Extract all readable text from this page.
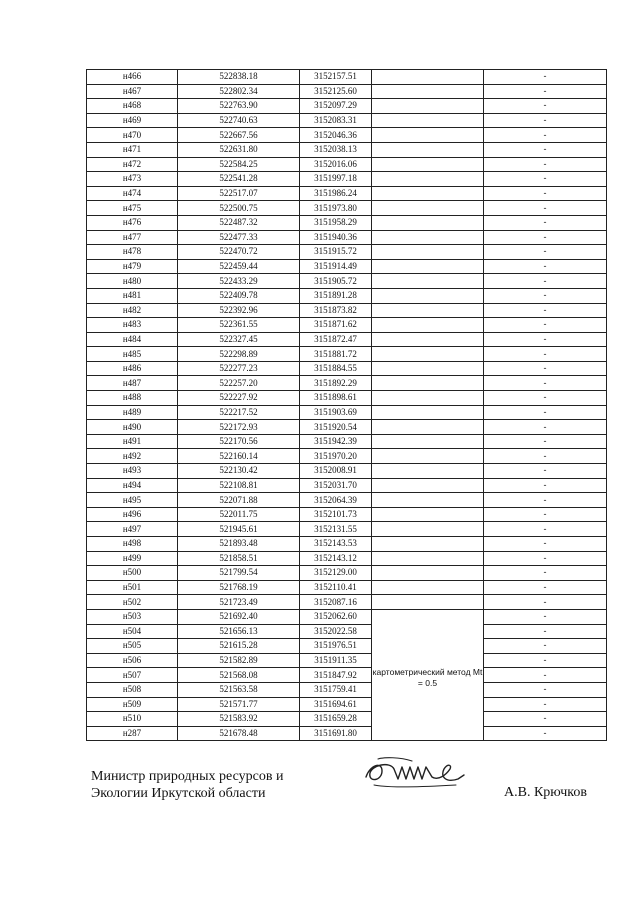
н466	522838.18	3152157.51		-
н467	522802.34	3152125.60		-
н468	522763.90	3152097.29		-
н469	522740.63	3152083.31		-
н470	522667.56	3152046.36		-
н471	522631.80	3152038.13		-
н472	522584.25	3152016.06		-
н473	522541.28	3151997.18		-
н474	522517.07	3151986.24		-
н475	522500.75	3151973.80		-
н476	522487.32	3151958.29		-
н477	522477.33	3151940.36		-
н478	522470.72	3151915.72		-
н479	522459.44	3151914.49		-
н480	522433.29	3151905.72		-
н481	522409.78	3151891.28		-
н482	522392.96	3151873.82		-
н483	522361.55	3151871.62		-
н484	522327.45	3151872.47		-
н485	522298.89	3151881.72		-
н486	522277.23	3151884.55		-
н487	522257.20	3151892.29		-
н488	522227.92	3151898.61		-
н489	522217.52	3151903.69		-
н490	522172.93	3151920.54		-
н491	522170.56	3151942.39		-
н492	522160.14	3151970.20		-
н493	522130.42	3152008.91		-
н494	522108.81	3152031.70		-
н495	522071.88	3152064.39		-
н496	522011.75	3152101.73		-
н497	521945.61	3152131.55		-
н498	521893.48	3152143.53		-
н499	521858.51	3152143.12		-
н500	521799.54	3152129.00		-
н501	521768.19	3152110.41		-
н502	521723.49	3152087.16		-
н503	521692.40	3152062.60	картометрический метод Mt = 0.5	-
н504	521656.13	3152022.58		-
н505	521615.28	3151976.51		-
н506	521582.89	3151911.35		-
н507	521568.08	3151847.92		-
н508	521563.58	3151759.41		-
н509	521571.77	3151694.61		-
н510	521583.92	3151659.28		-
н287	521678.48	3151691.80		-
Министр природных ресурсов и
Экологии Иркутской области	А.В. Крючков
